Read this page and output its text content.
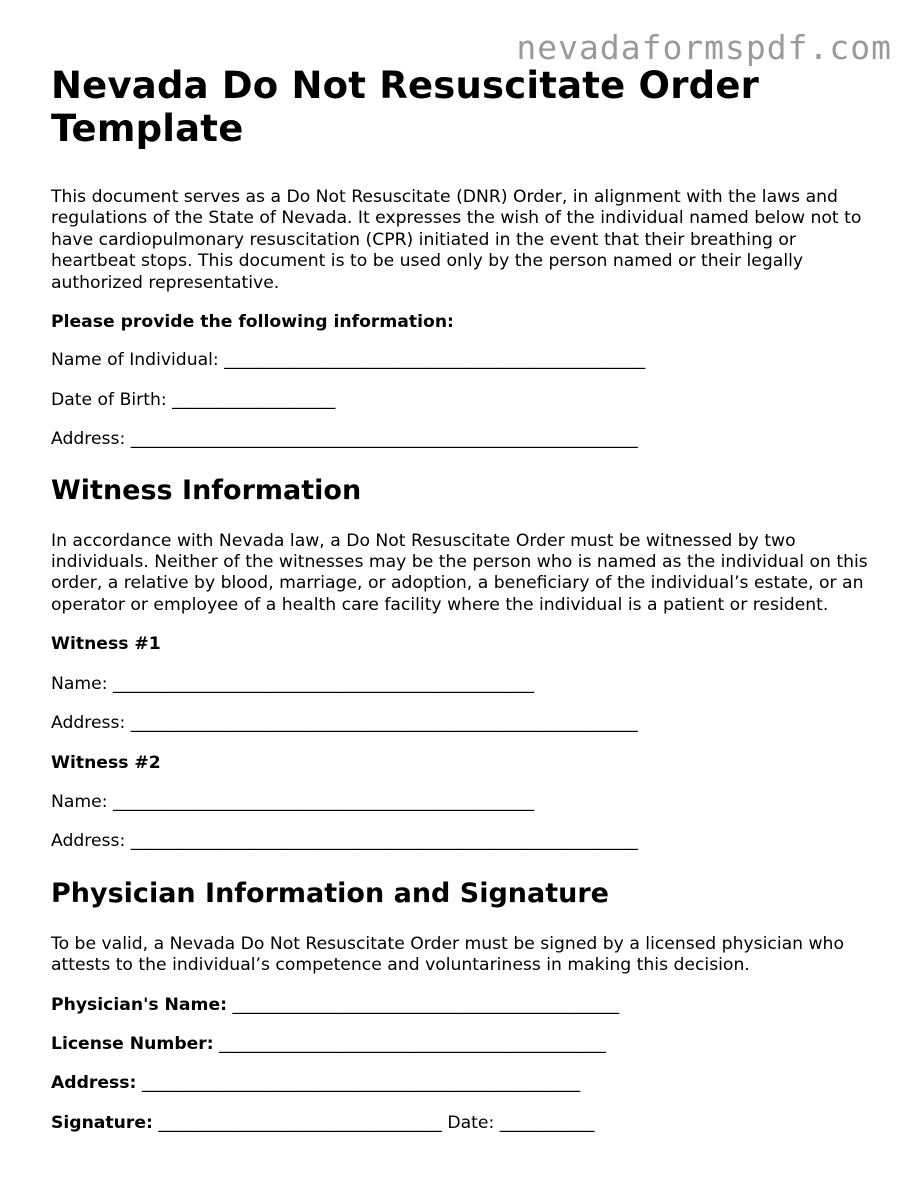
nevadaformspdf.com
Nevada Do Not Resuscitate Order Template

This document serves as a Do Not Resuscitate (DNR) Order, in alignment with the laws and regulations of the State of Nevada. It expresses the wish of the individual named below not to have cardiopulmonary resuscitation (CPR) initiated in the event that their breathing or heartbeat stops. This document is to be used only by the person named or their legally authorized representative.

Please provide the following information:

Name of Individual: _________________________________________________

Date of Birth: ___________________

Address: ___________________________________________________________

Witness Information

In accordance with Nevada law, a Do Not Resuscitate Order must be witnessed by two individuals. Neither of the witnesses may be the person who is named as the individual on this order, a relative by blood, marriage, or adoption, a beneficiary of the individual’s estate, or an operator or employee of a health care facility where the individual is a patient or resident.

Witness #1

Name: _________________________________________________

Address: ___________________________________________________________

Witness #2

Name: _________________________________________________

Address: ___________________________________________________________

Physician Information and Signature

To be valid, a Nevada Do Not Resuscitate Order must be signed by a licensed physician who attests to the individual’s competence and voluntariness in making this decision.

Physician's Name: _____________________________________________

License Number: _____________________________________________

Address: ___________________________________________________

Signature: _________________________________ Date: ___________
